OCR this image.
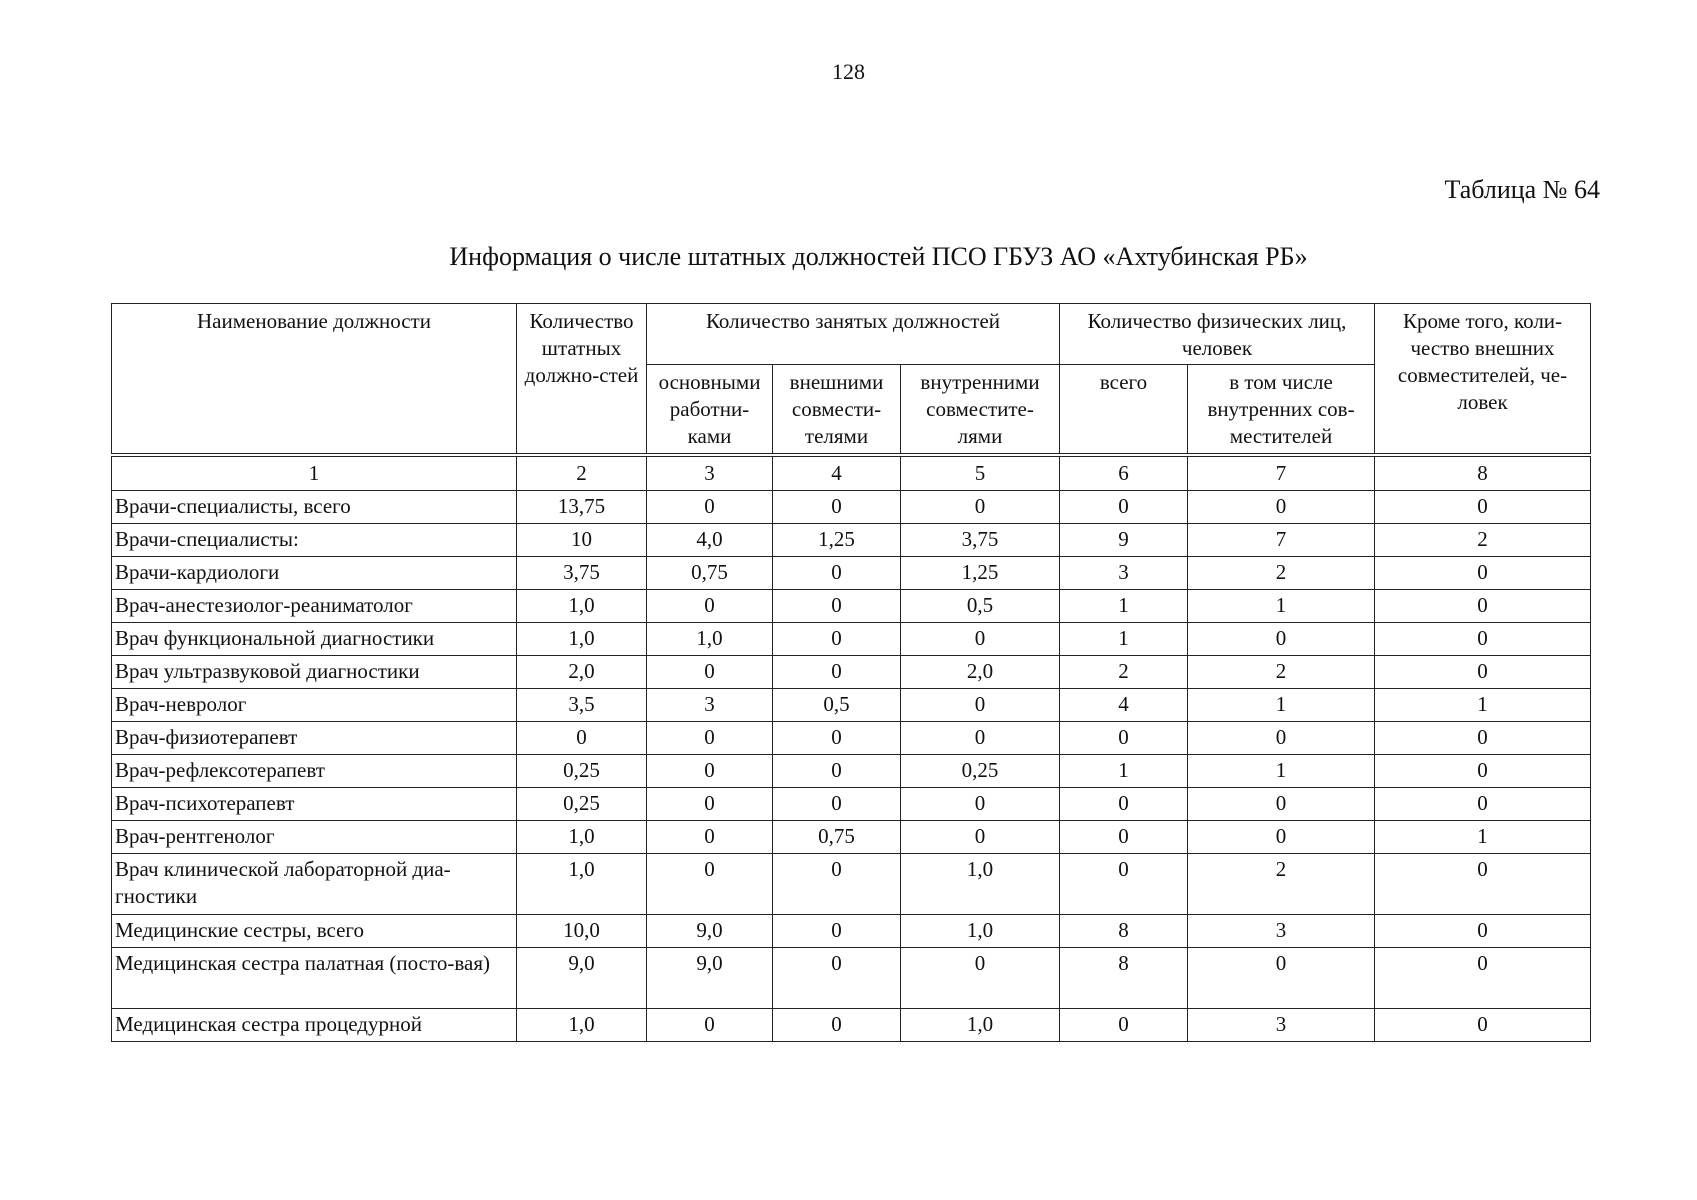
128
Таблица № 64
Информация о числе штатных должностей ПСО ГБУЗ АО «Ахтубинская РБ»
Наименование должности	Количество штатных должно-стей	Количество занятых должностей			Количество физических лиц, человек		Кроме того, коли-чество внешних совместителей, че-ловек
		основными работни-ками	внешними совмести-телями	внутренними совместите-лями	всего	в том числе внутренних сов-местителей	
1	2	3	4	5	6	7	8
Врачи-специалисты, всего	13,75	0	0	0	0	0	0
Врачи-специалисты:	10	4,0	1,25	3,75	9	7	2
Врачи-кардиологи	3,75	0,75	0	1,25	3	2	0
Врач-анестезиолог-реаниматолог	1,0	0	0	0,5	1	1	0
Врач функциональной диагностики	1,0	1,0	0	0	1	0	0
Врач ультразвуковой диагностики	2,0	0	0	2,0	2	2	0
Врач-невролог	3,5	3	0,5	0	4	1	1
Врач-физиотерапевт	0	0	0	0	0	0	0
Врач-рефлексотерапевт	0,25	0	0	0,25	1	1	0
Врач-психотерапевт	0,25	0	0	0	0	0	0
Врач-рентгенолог	1,0	0	0,75	0	0	0	1
Врач клинической лабораторной диа-гностики	1,0	0	0	1,0	0	2	0
Медицинские сестры, всего	10,0	9,0	0	1,0	8	3	0
Медицинская сестра палатная (посто-вая)	9,0	9,0	0	0	8	0	0
Медицинская сестра процедурной	1,0	0	0	1,0	0	3	0
